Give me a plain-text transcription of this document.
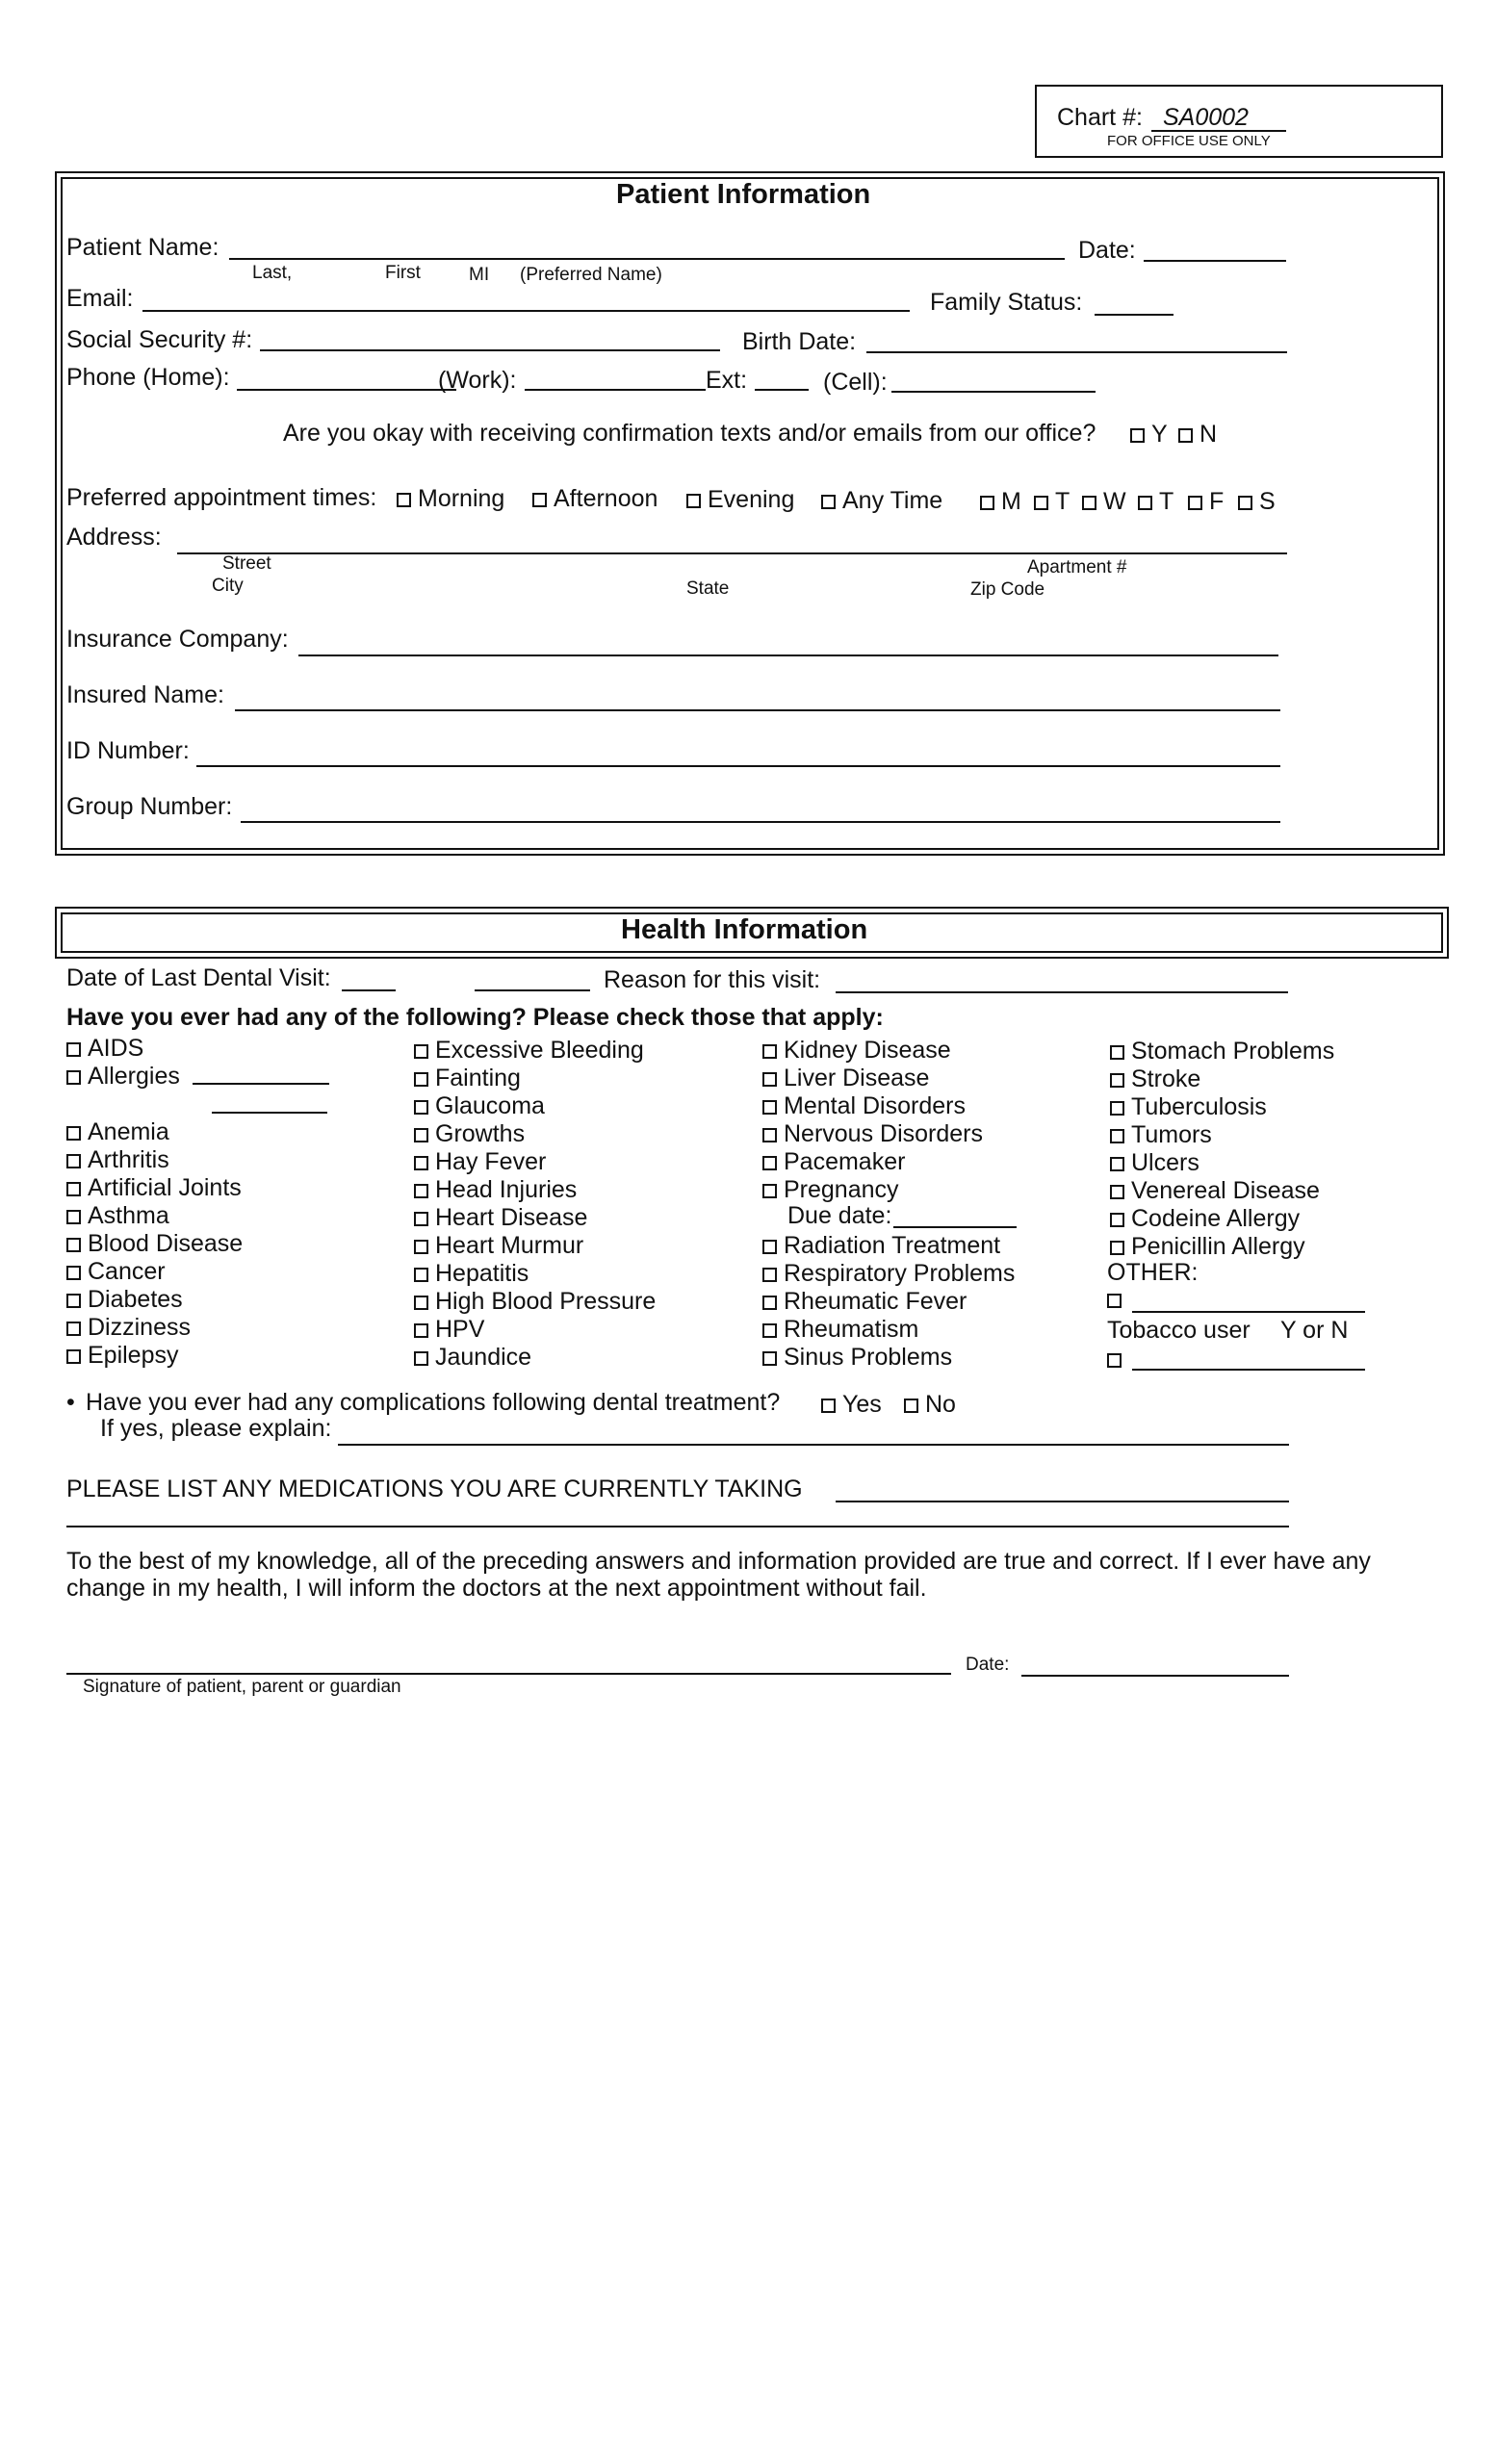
Chart #: SA0002
FOR OFFICE USE ONLY
Patient Information
Patient Name:	Date:
Last,	First	MI (Preferred Name)
Email:	Family Status:
Social Security #:	Birth Date:
Phone (Home):	(Work):	Ext:	(Cell):
Are you okay with receiving confirmation texts and/or emails from our office?	Y	N
Preferred appointment times:	Morning	Afternoon	Evening	Any Time	M	T	W	T	F	S
Address:
Street	Apartment #
City	State	Zip Code
Insurance Company:
Insured Name:
ID Number:
Group Number:
Health Information
Date of Last Dental Visit:	Reason for this visit:
Have you ever had any of the following? Please check those that apply:
AIDS
Allergies
Anemia
Arthritis
Artificial Joints
Asthma
Blood Disease
Cancer
Diabetes
Dizziness
Epilepsy
Excessive Bleeding
Fainting
Glaucoma
Growths
Hay Fever
Head Injuries
Heart Disease
Heart Murmur
Hepatitis
High Blood Pressure
HPV
Jaundice
Kidney Disease
Liver Disease
Mental Disorders
Nervous Disorders
Pacemaker
Pregnancy
Radiation Treatment
Respiratory Problems
Rheumatic Fever
Rheumatism
Sinus Problems
Stomach Problems
Stroke
Tuberculosis
Tumors
Ulcers
Venereal Disease
Codeine Allergy
Penicillin Allergy
Due date:
OTHER:
Tobacco user Y or N
• Have you ever had any complications following dental treatment?	Yes	No
If yes, please explain:
PLEASE LIST ANY MEDICATIONS YOU ARE CURRENTLY TAKING
To the best of my knowledge, all of the preceding answers and information provided are true and correct. If I ever have any
change in my health, I will inform the doctors at the next appointment without fail.
Date:
Signature of patient, parent or guardian
